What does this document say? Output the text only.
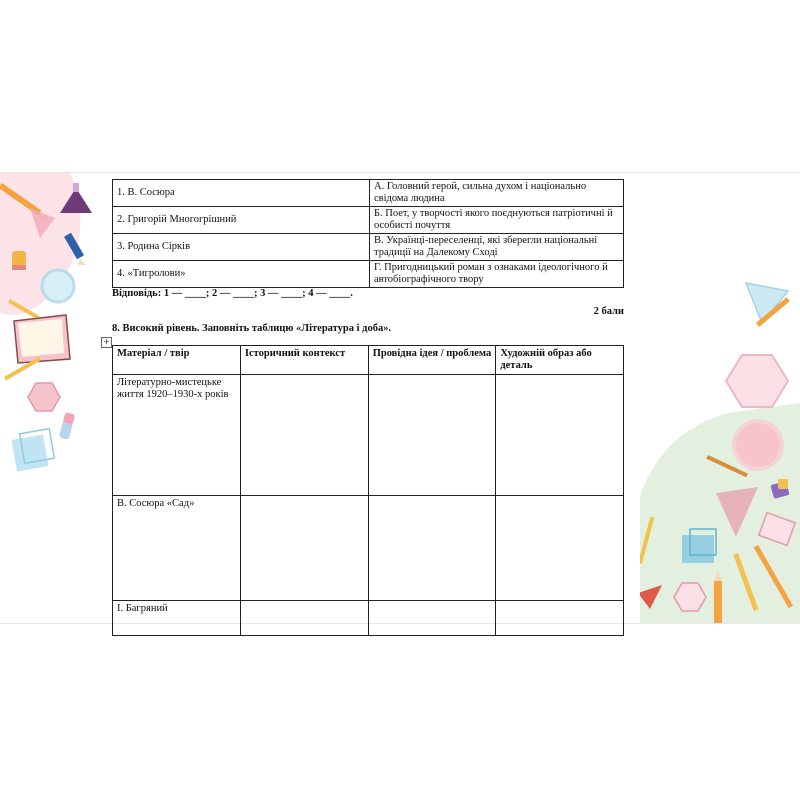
1. В. Сосюра	А. Головний герой, сильна духом і національно свідома людина
2. Григорій Многогрішний	Б. Поет, у творчості якого поєднуються патріотичні й особисті почуття
3. Родина Сірків	В. Українці-переселенці, які зберегли національні традиції на Далекому Сході
4. «Тигролови»	Г. Пригодницький роман з ознаками ідеологічного й автобіографічного твору
Відповідь: 1 — ____; 2 — ____; 3 — ____; 4 — ____.
2 бали
8. Високий рівень. Заповніть таблицю «Література і доба».
+
Матеріал / твір	Історичний контекст	Провідна ідея / проблема	Художній образ або деталь
Літературно-мистецьке життя 1920–1930-х років			
В. Сосюра «Сад»			
І. Багряний			
